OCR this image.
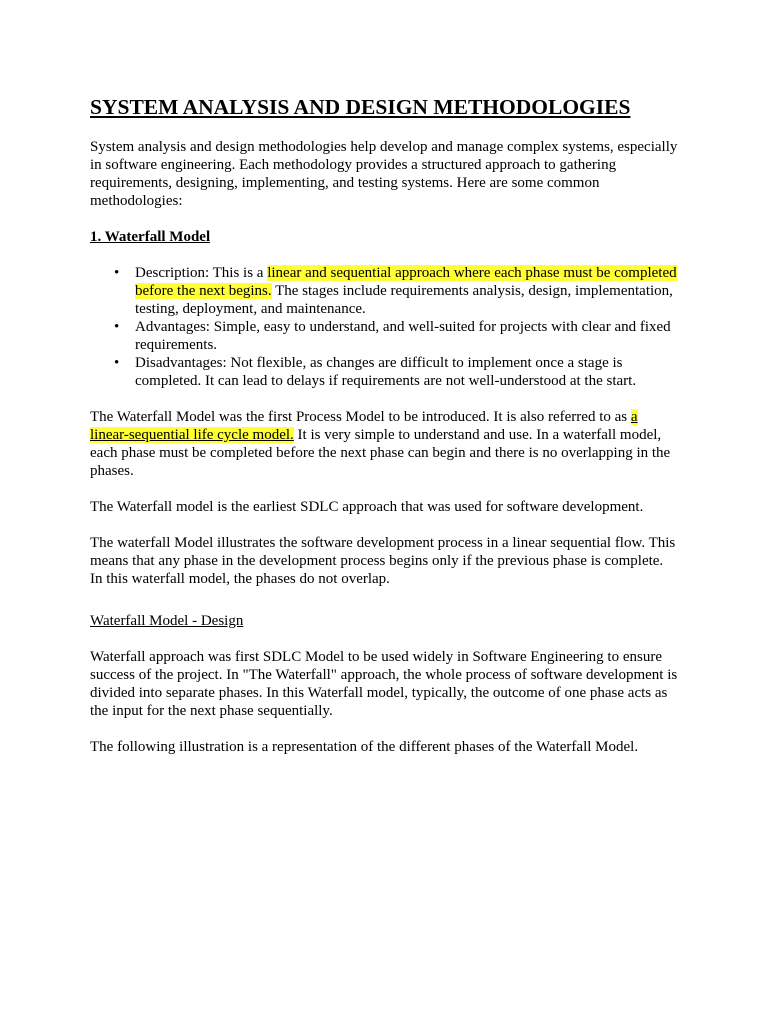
SYSTEM ANALYSIS AND DESIGN METHODOLOGIES

System analysis and design methodologies help develop and manage complex systems, especially in software engineering. Each methodology provides a structured approach to gathering requirements, designing, implementing, and testing systems. Here are some common methodologies:

1. Waterfall Model

• Description: This is a linear and sequential approach where each phase must be completed before the next begins. The stages include requirements analysis, design, implementation, testing, deployment, and maintenance.
• Advantages: Simple, easy to understand, and well-suited for projects with clear and fixed requirements.
• Disadvantages: Not flexible, as changes are difficult to implement once a stage is completed. It can lead to delays if requirements are not well-understood at the start.

The Waterfall Model was the first Process Model to be introduced. It is also referred to as a linear-sequential life cycle model. It is very simple to understand and use. In a waterfall model, each phase must be completed before the next phase can begin and there is no overlapping in the phases.

The Waterfall model is the earliest SDLC approach that was used for software development.

The waterfall Model illustrates the software development process in a linear sequential flow. This means that any phase in the development process begins only if the previous phase is complete. In this waterfall model, the phases do not overlap.

Waterfall Model - Design

Waterfall approach was first SDLC Model to be used widely in Software Engineering to ensure success of the project. In "The Waterfall" approach, the whole process of software development is divided into separate phases. In this Waterfall model, typically, the outcome of one phase acts as the input for the next phase sequentially.

The following illustration is a representation of the different phases of the Waterfall Model.
